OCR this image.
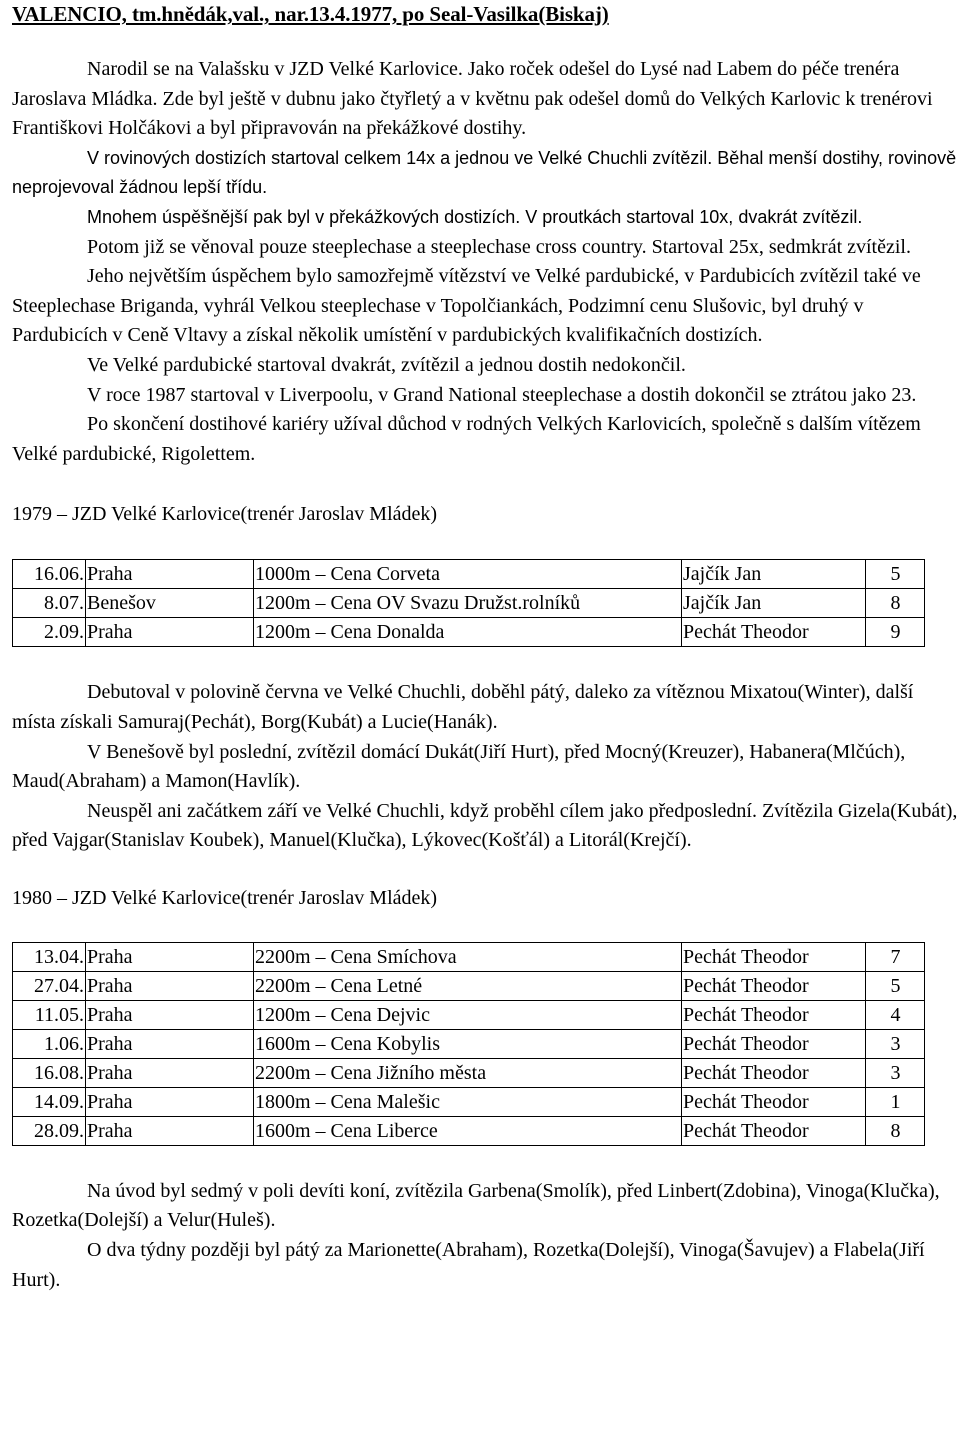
VALENCIO, tm.hnědák,val., nar.13.4.1977, po Seal-Vasilka(Biskaj)

Narodil se na Valašsku v JZD Velké Karlovice. Jako roček odešel do Lysé nad Labem do péče trenéra Jaroslava Mládka. Zde byl ještě v dubnu jako čtyřletý a v květnu pak odešel domů do Velkých Karlovic k trenérovi Františkovi Holčákovi a byl připravován na překážkové dostihy.

V rovinových dostizích startoval celkem 14x a jednou ve Velké Chuchli zvítězil. Běhal menší dostihy, rovinově neprojevoval žádnou lepší třídu.

Mnohem úspěšnější pak byl v překážkových dostizích. V proutkách startoval 10x, dvakrát zvítězil.

Potom již se věnoval pouze steeplechase a steeplechase cross country. Startoval 25x, sedmkrát zvítězil.

Jeho největším úspěchem bylo samozřejmě vítězství ve Velké pardubické, v Pardubicích zvítězil také ve Steeplechase Briganda, vyhrál Velkou steeplechase v Topolčiankách, Podzimní cenu Slušovic, byl druhý v Pardubicích v Ceně Vltavy a získal několik umístění v pardubických kvalifikačních dostizích.

Ve Velké pardubické startoval dvakrát, zvítězil a jednou dostih nedokončil.

V roce 1987 startoval v Liverpoolu, v Grand National steeplechase a dostih dokončil se ztrátou jako 23.

Po skončení dostihové kariéry užíval důchod v rodných Velkých Karlovicích, společně s dalším vítězem Velké pardubické, Rigolettem.

1979 – JZD Velké Karlovice(trenér Jaroslav Mládek)

16.06.	Praha	1000m – Cena Corveta	Jajčík Jan	5
8.07.	Benešov	1200m – Cena OV Svazu Družst.rolníků	Jajčík Jan	8
2.09.	Praha	1200m – Cena Donalda	Pechát Theodor	9

Debutoval v polovině června ve Velké Chuchli, doběhl pátý, daleko za vítěznou Mixatou(Winter), další místa získali Samuraj(Pechát), Borg(Kubát) a Lucie(Hanák).

V Benešově byl poslední, zvítězil domácí Dukát(Jiří Hurt), před Mocný(Kreuzer), Habanera(Mlčúch), Maud(Abraham) a Mamon(Havlík).

Neuspěl ani začátkem září ve Velké Chuchli, když proběhl cílem jako předposlední. Zvítězila Gizela(Kubát), před Vajgar(Stanislav Koubek), Manuel(Klučka), Lýkovec(Košťál) a Litorál(Krejčí).

1980 – JZD Velké Karlovice(trenér Jaroslav Mládek)

13.04.	Praha	2200m – Cena Smíchova	Pechát Theodor	7
27.04.	Praha	2200m – Cena Letné	Pechát Theodor	5
11.05.	Praha	1200m – Cena Dejvic	Pechát Theodor	4
1.06.	Praha	1600m – Cena Kobylis	Pechát Theodor	3
16.08.	Praha	2200m – Cena Jižního města	Pechát Theodor	3
14.09.	Praha	1800m – Cena Malešic	Pechát Theodor	1
28.09.	Praha	1600m – Cena Liberce	Pechát Theodor	8

Na úvod byl sedmý v poli devíti koní, zvítězila Garbena(Smolík), před Linbert(Zdobina), Vinoga(Klučka), Rozetka(Dolejší) a Velur(Huleš).

O dva týdny později byl pátý za Marionette(Abraham), Rozetka(Dolejší), Vinoga(Šavujev) a Flabela(Jiří Hurt).
